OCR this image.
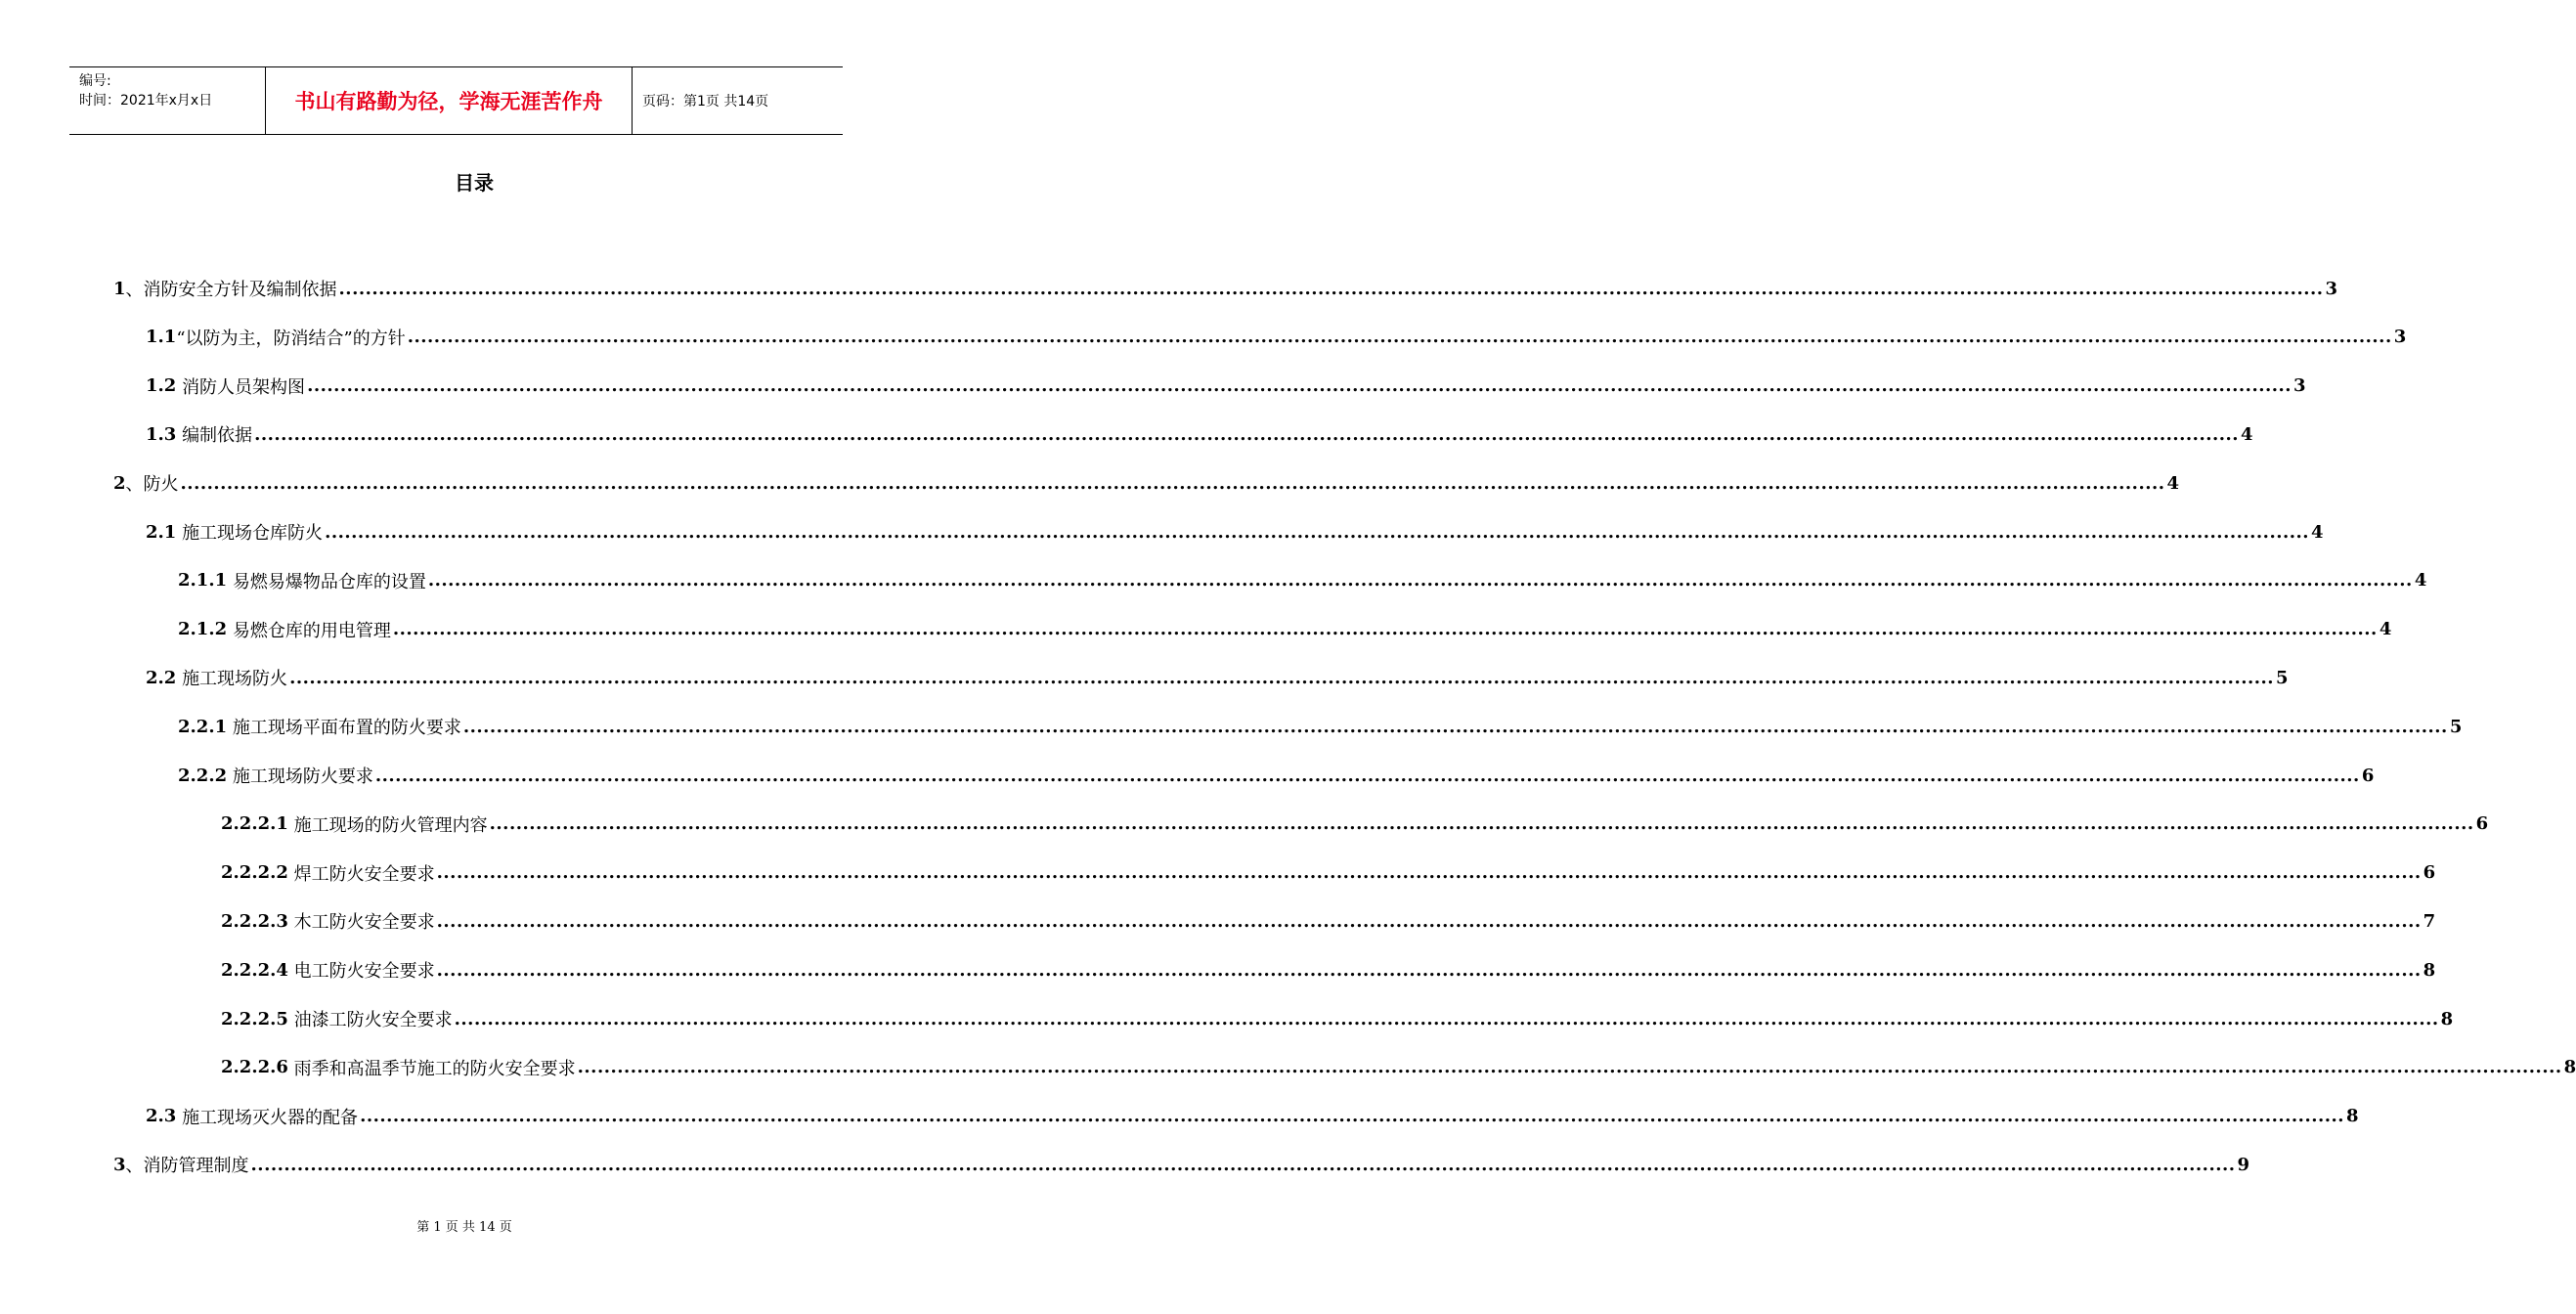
编号:
时间：2021年x月x日	书山有路勤为径，学海无涯苦作舟	页码：第1页 共14页
目录
1 、 消防安全方针及编制依据 ............................................................................................................................................................................................................................................................................................................ 3
1.1 “以防为主，防消结合”的方针 ............................................................................................................................................................................................................................................................................................................ 3
1.2
消防人员架构图 ............................................................................................................................................................................................................................................................................................................ 3
1.3
编制依据 ............................................................................................................................................................................................................................................................................................................ 4
2 、 防火 ............................................................................................................................................................................................................................................................................................................ 4
2.1
施工现场仓库防火 ............................................................................................................................................................................................................................................................................................................ 4
2.1.1
易燃易爆物品仓库的设置 ............................................................................................................................................................................................................................................................................................................ 4
2.1.2
易燃仓库的用电管理 ............................................................................................................................................................................................................................................................................................................ 4
2.2
施工现场防火 ............................................................................................................................................................................................................................................................................................................ 5
2.2.1
施工现场平面布置的防火要求 ............................................................................................................................................................................................................................................................................................................ 5
2.2.2
施工现场防火要求 ............................................................................................................................................................................................................................................................................................................ 6
2.2.2.1
施工现场的防火管理内容 ............................................................................................................................................................................................................................................................................................................ 6
2.2.2.2
焊工防火安全要求 ............................................................................................................................................................................................................................................................................................................ 6
2.2.2.3
木工防火安全要求 ............................................................................................................................................................................................................................................................................................................ 7
2.2.2.4
电工防火安全要求 ............................................................................................................................................................................................................................................................................................................ 8
2.2.2.5
油漆工防火安全要求 ............................................................................................................................................................................................................................................................................................................ 8
2.2.2.6
雨季和高温季节施工的防火安全要求 ............................................................................................................................................................................................................................................................................................................ 8
2.3
施工现场灭火器的配备 ............................................................................................................................................................................................................................................................................................................ 8
3 、 消防管理制度 ............................................................................................................................................................................................................................................................................................................ 9
第 1 页 共 14 页
